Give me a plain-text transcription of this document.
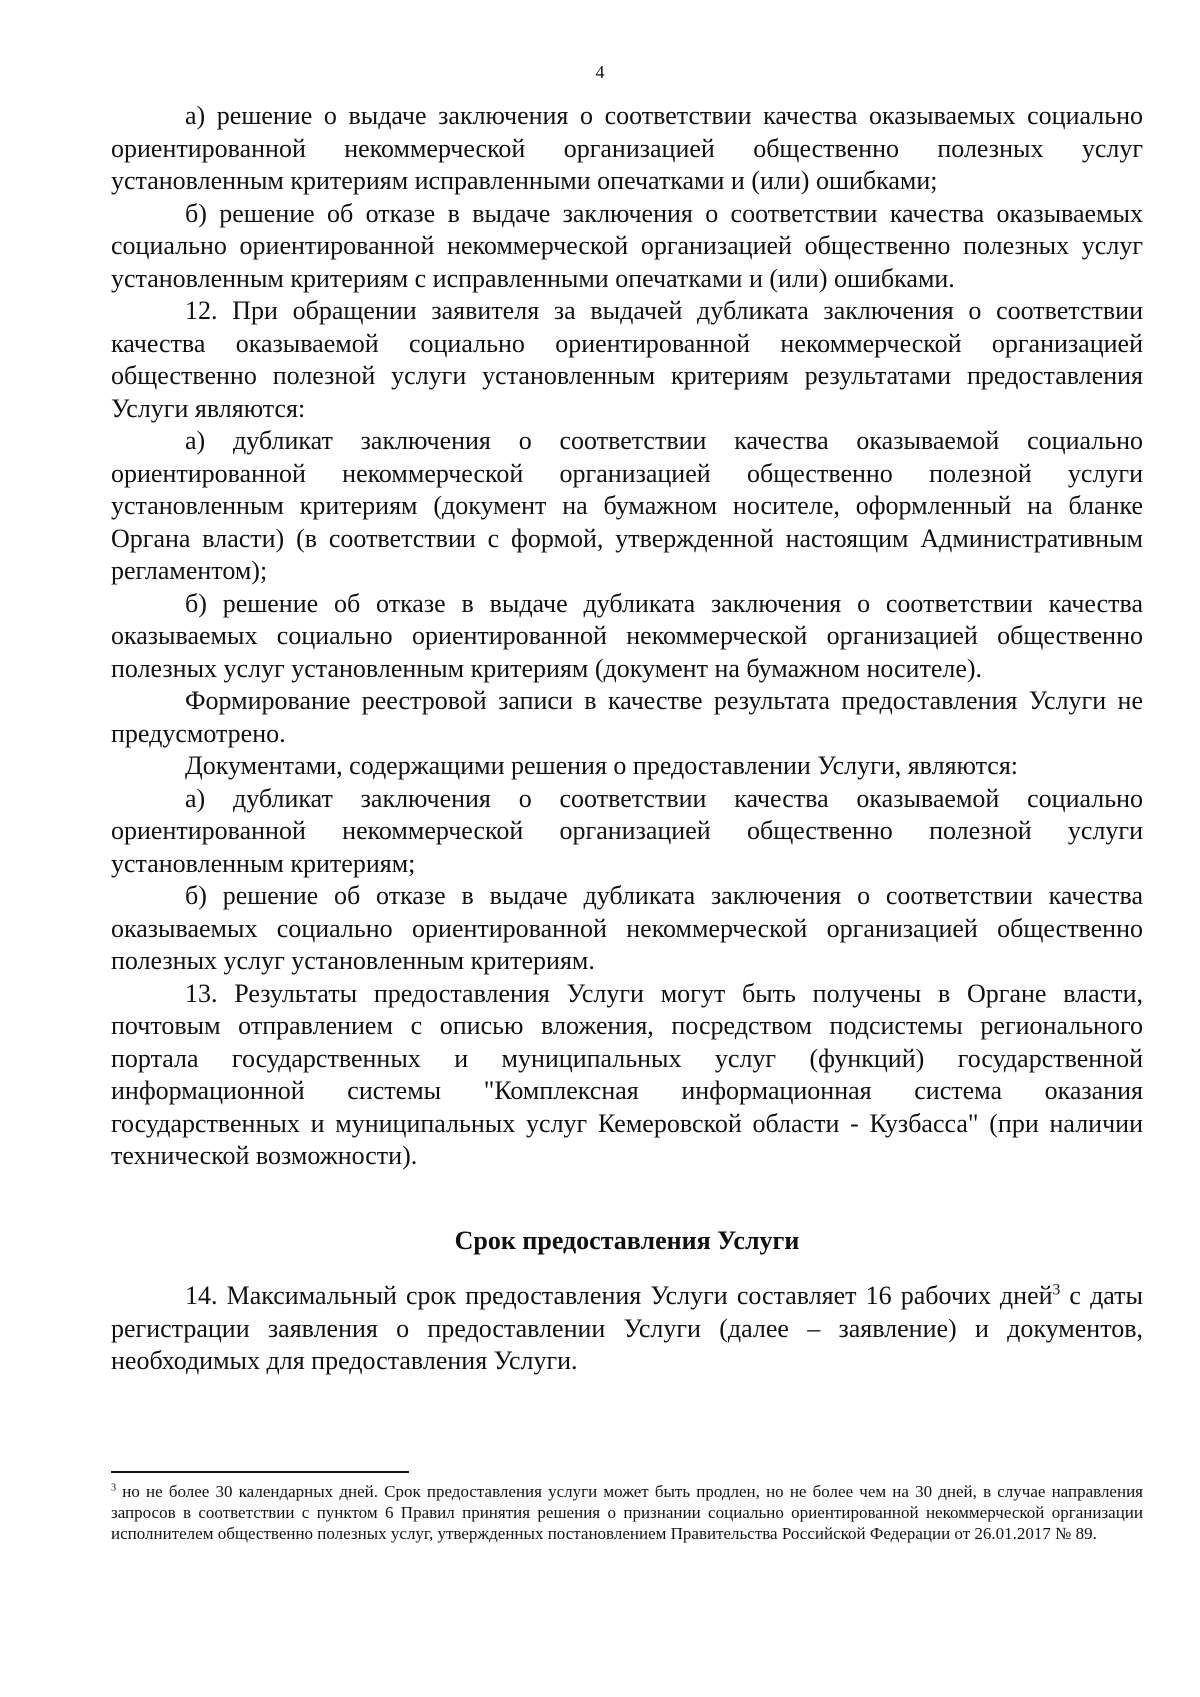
4

а) решение о выдаче заключения о соответствии качества оказываемых социально ориентированной некоммерческой организацией общественно полезных услуг установленным критериям исправленными опечатками и (или) ошибками;

б) решение об отказе в выдаче заключения о соответствии качества оказываемых социально ориентированной некоммерческой организацией общественно полезных услуг установленным критериям с исправленными опечатками и (или) ошибками.

12. При обращении заявителя за выдачей дубликата заключения о соответствии качества оказываемой социально ориентированной некоммерческой организацией общественно полезной услуги установленным критериям результатами предоставления Услуги являются:

а) дубликат заключения о соответствии качества оказываемой социально ориентированной некоммерческой организацией общественно полезной услуги установленным критериям (документ на бумажном носителе, оформленный на бланке Органа власти) (в соответствии с формой, утвержденной настоящим Административным регламентом);

б) решение об отказе в выдаче дубликата заключения о соответствии качества оказываемых социально ориентированной некоммерческой организацией общественно полезных услуг установленным критериям (документ на бумажном носителе).

Формирование реестровой записи в качестве результата предоставления Услуги не предусмотрено.

Документами, содержащими решения о предоставлении Услуги, являются:

а) дубликат заключения о соответствии качества оказываемой социально ориентированной некоммерческой организацией общественно полезной услуги установленным критериям;

б) решение об отказе в выдаче дубликата заключения о соответствии качества оказываемых социально ориентированной некоммерческой организацией общественно полезных услуг установленным критериям.

13. Результаты предоставления Услуги могут быть получены в Органе власти, почтовым отправлением с описью вложения, посредством подсистемы регионального портала государственных и муниципальных услуг (функций) государственной информационной системы "Комплексная информационная система оказания государственных и муниципальных услуг Кемеровской области - Кузбасса" (при наличии технической возможности).

Срок предоставления Услуги

14. Максимальный срок предоставления Услуги составляет 16 рабочих дней$^3$ с даты регистрации заявления о предоставлении Услуги (далее – заявление) и документов, необходимых для предоставления Услуги.

$^3$ но не более 30 календарных дней. Срок предоставления услуги может быть продлен, но не более чем на 30 дней, в случае направления запросов в соответствии с пунктом 6 Правил принятия решения о признании социально ориентированной некоммерческой организации исполнителем общественно полезных услуг, утвержденных постановлением Правительства Российской Федерации от 26.01.2017 № 89.
